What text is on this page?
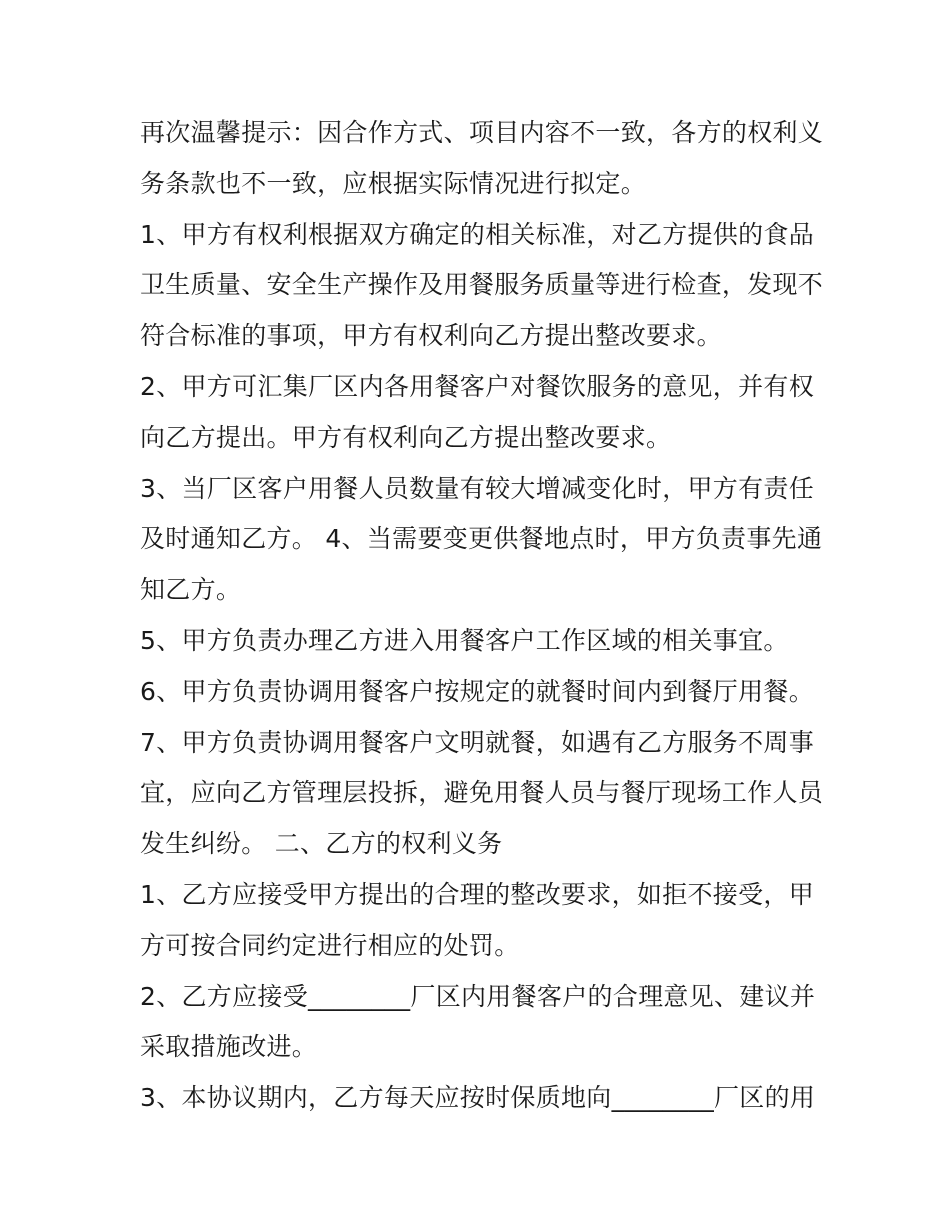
再次温馨提示：因合作方式、项目内容不一致，各方的权利义
务条款也不一致，应根据实际情况进行拟定。
1、甲方有权利根据双方确定的相关标准，对乙方提供的食品
卫生质量、安全生产操作及用餐服务质量等进行检查，发现不
符合标准的事项，甲方有权利向乙方提出整改要求。
2、甲方可汇集厂区内各用餐客户对餐饮服务的意见，并有权
向乙方提出。甲方有权利向乙方提出整改要求。
3、当厂区客户用餐人员数量有较大增减变化时，甲方有责任
及时通知乙方。 4、当需要变更供餐地点时，甲方负责事先通
知乙方。
5、甲方负责办理乙方进入用餐客户工作区域的相关事宜。
6、甲方负责协调用餐客户按规定的就餐时间内到餐厅用餐。
7、甲方负责协调用餐客户文明就餐，如遇有乙方服务不周事
宜，应向乙方管理层投拆，避免用餐人员与餐厅现场工作人员
发生纠纷。 二、乙方的权利义务
1、乙方应接受甲方提出的合理的整改要求，如拒不接受，甲
方可按合同约定进行相应的处罚。
2、乙方应接受________厂区内用餐客户的合理意见、建议并
采取措施改进。
3、本协议期内，乙方每天应按时保质地向________厂区的用
